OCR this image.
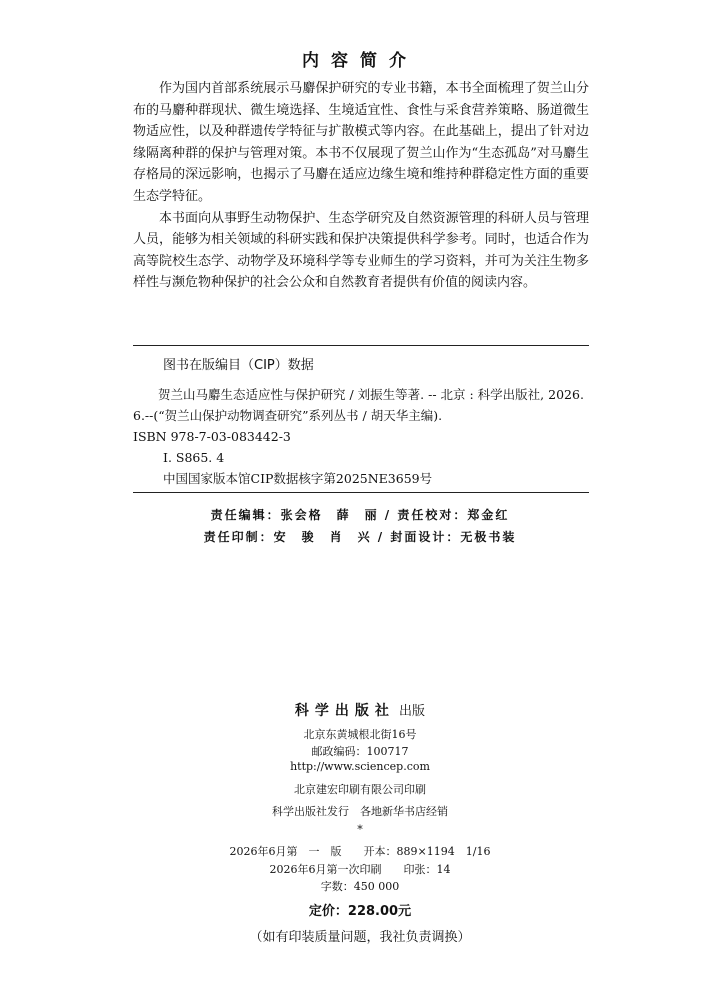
内容简介

作为国内首部系统展示马麝保护研究的专业书籍，本书全面梳理了贺兰山分布的马麝种群现状、微生境选择、生境适宜性、食性与采食营养策略、肠道微生物适应性，以及种群遗传学特征与扩散模式等内容。在此基础上，提出了针对边缘隔离种群的保护与管理对策。本书不仅展现了贺兰山作为“生态孤岛”对马麝生存格局的深远影响，也揭示了马麝在适应边缘生境和维持种群稳定性方面的重要生态学特征。

本书面向从事野生动物保护、生态学研究及自然资源管理的科研人员与管理人员，能够为相关领域的科研实践和保护决策提供科学参考。同时，也适合作为高等院校生态学、动物学及环境科学等专业师生的学习资料，并可为关注生物多样性与濒危物种保护的社会公众和自然教育者提供有价值的阅读内容。

图书在版编目（CIP）数据

贺兰山马麝生态适应性与保护研究 / 刘振生等著. -- 北京 : 科学出版社, 2026. 6.--(“贺兰山保护动物调查研究”系列丛书 / 胡天华主编).

ISBN 978-7-03-083442-3

Ⅰ. S865. 4

中国国家版本馆CIP数据核字第2025NE3659号

责任编辑：张会格　薛　丽 / 责任校对：郑金红
责任印制：安　骏　肖　兴 / 封面设计：无极书装
科学出版社 出版
北京东黄城根北街16号
邮政编码：100717
http://www.sciencep.com
北京建宏印刷有限公司印刷
科学出版社发行　各地新华书店经销
*
2026年6月第　一　版　　开本：889×1194　1/16
2026年6月第一次印刷　　印张：14
字数：450 000
定价：228.00元
（如有印装质量问题，我社负责调换）
